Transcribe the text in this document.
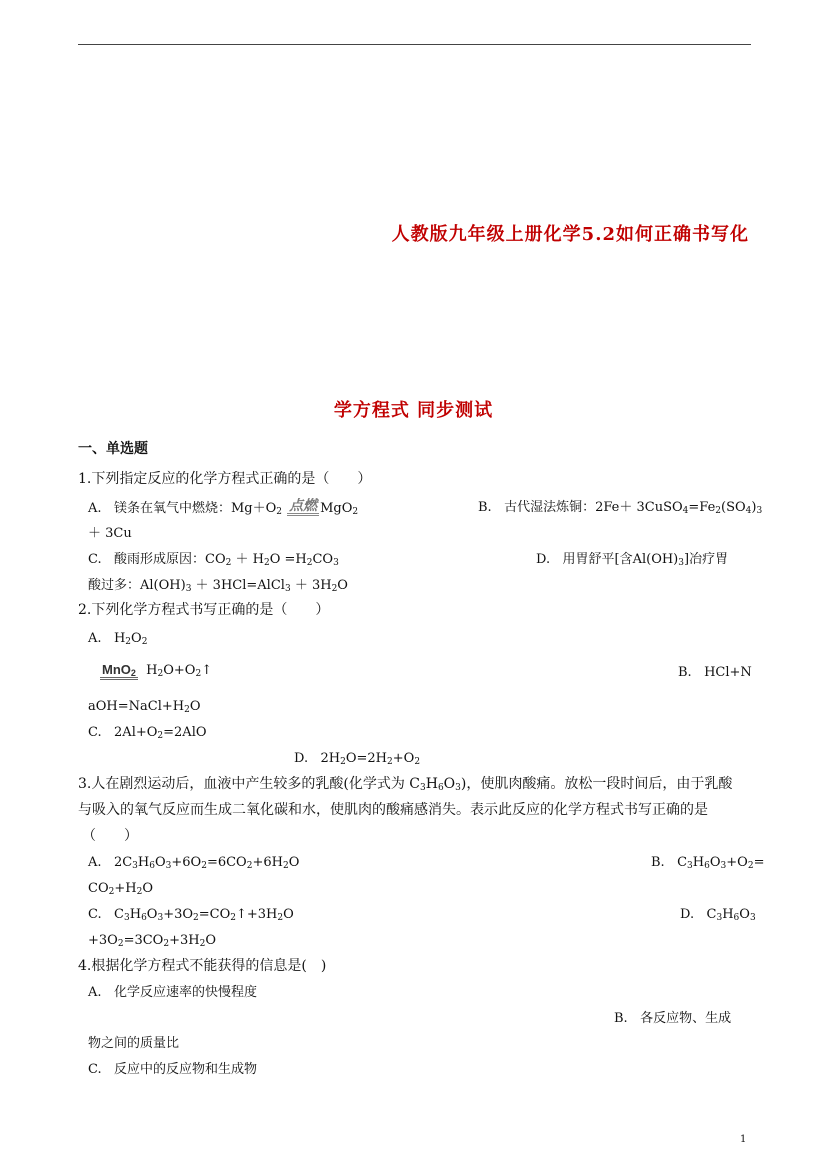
人教版九年级上册化学5.2如何正确书写化
学方程式 同步测试
一、单选题
1.下列指定反应的化学方程式正确的是（　　）
A. 镁条在氧气中燃烧：$Mg+O_2$ 点燃 MgO$_2$	B. 古代湿法炼铜：$2Fe+ 3CuSO_4=Fe_2(SO_4)_3$
＋ 3Cu
C. 酸雨形成原因：$CO_2 + H_2O =H_2CO_3$	D. 用胃舒平[含$Al(OH)_3$]冶疗胃
酸过多：$Al(OH)_3$ ＋ 3HCl=AlCl$_3$ ＋ $3H_2O$
2.下列化学方程式书写正确的是（　　）
A. $H_2O_2$
MnO$_2$ $H_2O+O_2↑$	B. HCl+N
$aOH=NaCl+H_2O$
C. $2Al+O_2=2AlO$
D. $2H_2O=2H_2+O_2$
3.人在剧烈运动后，血液中产生较多的乳酸(化学式为 $C_3H_6O_3$)，使肌肉酸痛。放松一段时间后，由于乳酸
与吸入的氧气反应而生成二氧化碳和水，使肌肉的酸痛感消失。表示此反应的化学方程式书写正确的是
（　　）
A. $2C_3H_6O_3+6O_2=6CO_2+6H_2O$	B. $C_3H_6O_3+O_2=$
$CO_2+H_2O$
C. $C_3H_6O_3+3O_2=CO_2↑+3H_2O$	D. $C_3H_6O_3$
$+3O_2=3CO_2+3H_2O$
4.根据化学方程式不能获得的信息是(　)
A. 化学反应速率的快慢程度
B. 各反应物、生成
物之间的质量比
C. 反应中的反应物和生成物
1
